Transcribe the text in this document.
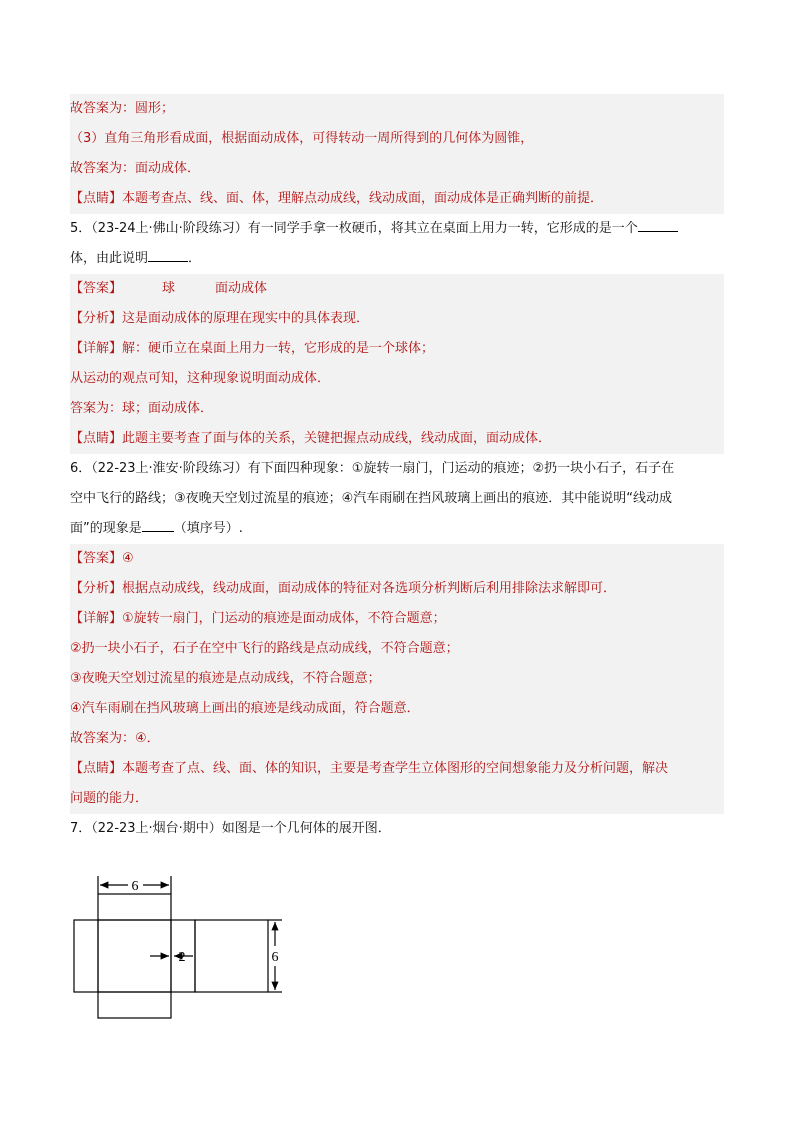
故答案为：圆形；
（3）直角三角形看成面，根据面动成体，可得转动一周所得到的几何体为圆锥，
故答案为：面动成体．
【点睛】本题考查点、线、面、体，理解点动成线，线动成面，面动成体是正确判断的前提．
5．（23-24上·佛山·阶段练习）有一同学手拿一枚硬币，将其立在桌面上用力一转，它形成的是一个
体，由此说明	．
【答案】	球	面动成体
【分析】这是面动成体的原理在现实中的具体表现．
【详解】解：硬币立在桌面上用力一转，它形成的是一个球体；
从运动的观点可知，这种现象说明面动成体．
答案为：球；面动成体．
【点睛】此题主要考查了面与体的关系，关键把握点动成线，线动成面，面动成体．
6．（22-23上·淮安·阶段练习）有下面四种现象：①旋转一扇门，门运动的痕迹；②扔一块小石子，石子在
空中飞行的路线；③夜晚天空划过流星的痕迹；④汽车雨刷在挡风玻璃上画出的痕迹．其中能说明“线动成
面”的现象是 （填序号）.
【答案】④
【分析】根据点动成线，线动成面，面动成体的特征对各选项分析判断后利用排除法求解即可．
【详解】①旋转一扇门，门运动的痕迹是面动成体，不符合题意；
②扔一块小石子，石子在空中飞行的路线是点动成线，不符合题意；
③夜晚天空划过流星的痕迹是点动成线，不符合题意；
④汽车雨刷在挡风玻璃上画出的痕迹是线动成面，符合题意．
故答案为：④．
【点睛】本题考查了点、线、面、体的知识，主要是考查学生立体图形的空间想象能力及分析问题，解决
问题的能力．
7．（22-23上·烟台·期中）如图是一个几何体的展开图．
6
2	6
